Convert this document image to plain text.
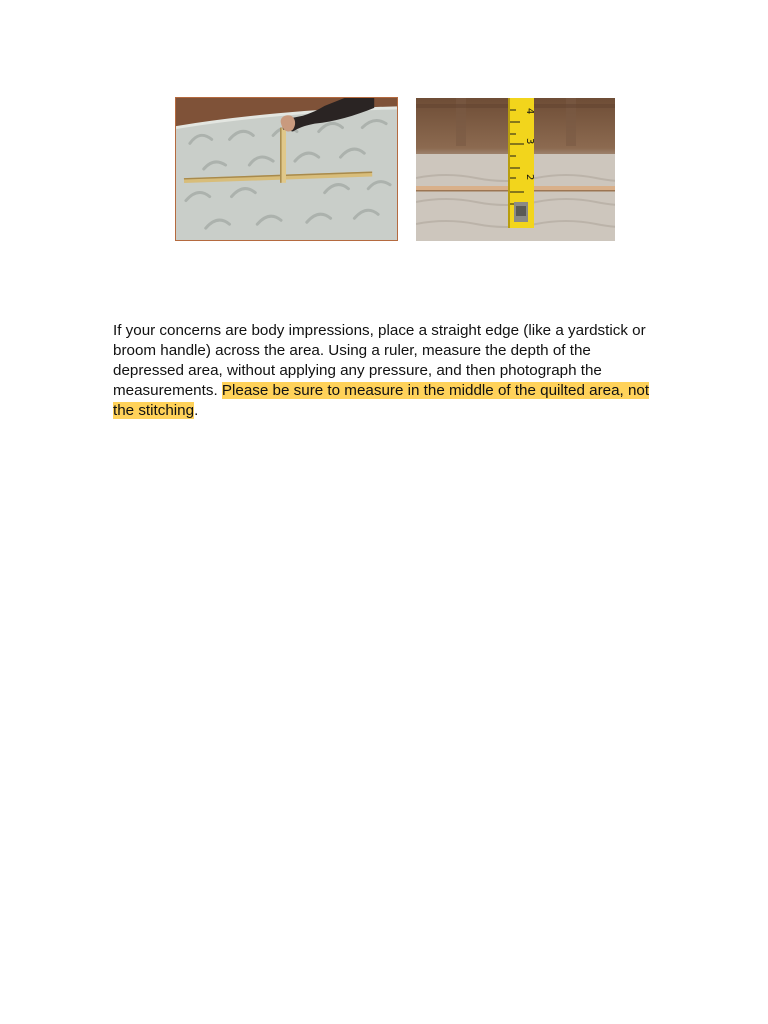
4
3
2

If your concerns are body impressions, place a straight edge (like a yardstick or broom handle) across the area. Using a ruler, measure the depth of the depressed area, without applying any pressure, and then photograph the measurements. Please be sure to measure in the middle of the quilted area, not the stitching.
